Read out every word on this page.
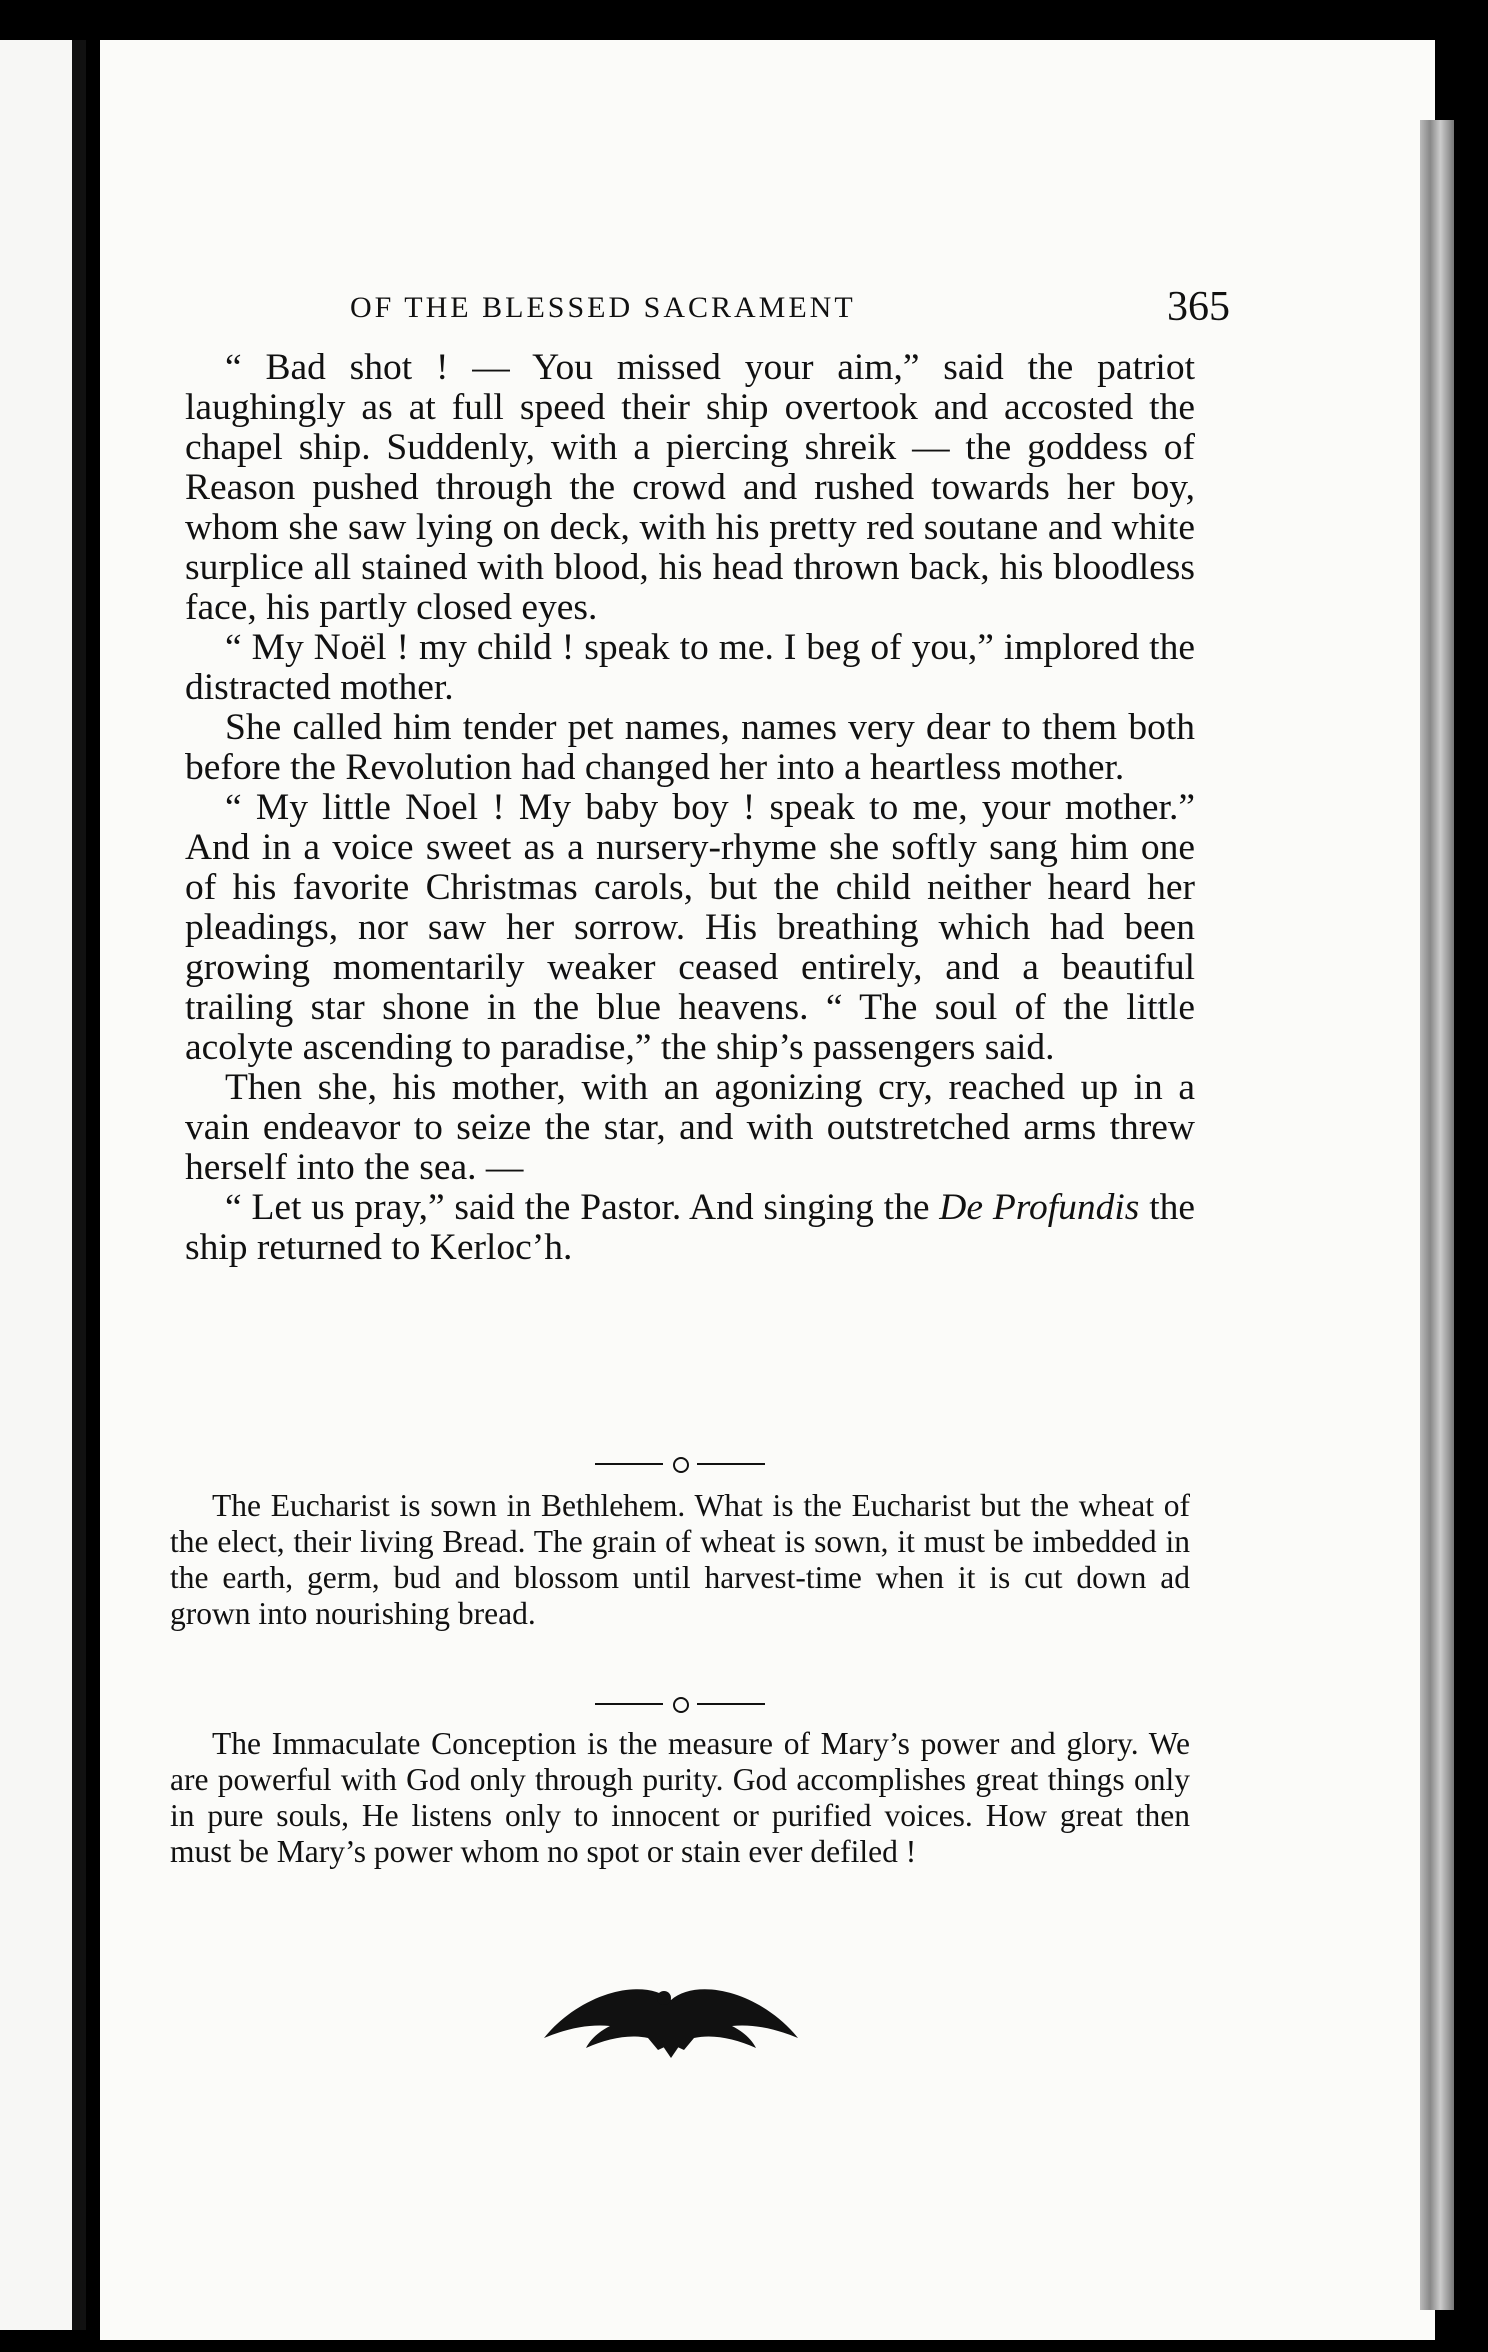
OF THE BLESSED SACRAMENT	365

“ Bad shot ! — You missed your aim,” said the patriot laughingly as at full speed their ship overtook and accosted the chapel ship. Suddenly, with a piercing shreik — the goddess of Reason pushed through the crowd and rushed towards her boy, whom she saw lying on deck, with his pretty red soutane and white surplice all stained with blood, his head thrown back, his bloodless face, his partly closed eyes.

“ My Noël ! my child ! speak to me. I beg of you,” implored the distracted mother.

She called him tender pet names, names very dear to them both before the Revolution had changed her into a heartless mother.

“ My little Noel ! My baby boy ! speak to me, your mother.” And in a voice sweet as a nursery-rhyme she softly sang him one of his favorite Christmas carols, but the child neither heard her pleadings, nor saw her sorrow. His breathing which had been growing momentarily weaker ceased entirely, and a beautiful trailing star shone in the blue heavens. “ The soul of the little acolyte ascending to paradise,” the ship’s passengers said.

Then she, his mother, with an agonizing cry, reached up in a vain endeavor to seize the star, and with outstretched arms threw herself into the sea. —

“ Let us pray,” said the Pastor. And singing the De Profundis the ship returned to Kerloc’h.

The Eucharist is sown in Bethlehem. What is the Eucharist but the wheat of the elect, their living Bread. The grain of wheat is sown, it must be imbedded in the earth, germ, bud and blossom until harvest-time when it is cut down ad grown into nourishing bread.

The Immaculate Conception is the measure of Mary’s power and glory. We are powerful with God only through purity. God accomplishes great things only in pure souls, He listens only to innocent or purified voices. How great then must be Mary’s power whom no spot or stain ever defiled !
